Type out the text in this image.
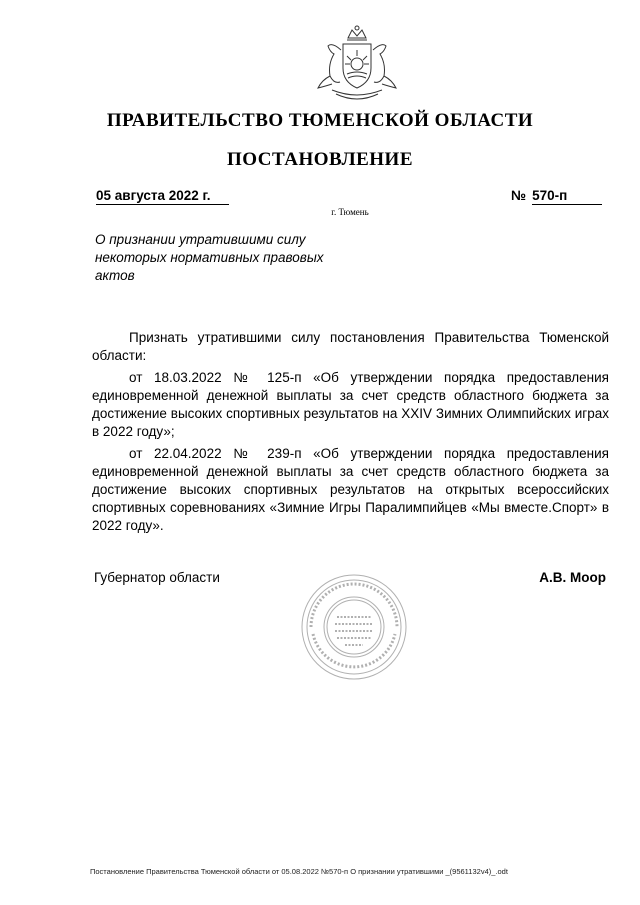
ПРАВИТЕЛЬСТВО ТЮМЕНСКОЙ ОБЛАСТИ
ПОСТАНОВЛЕНИЕ
05 августа 2022 г.	№ 570-п
г. Тюмень
О признании утратившими силу некоторых нормативных правовых актов

Признать утратившими силу постановления Правительства Тюменской области:

от 18.03.2022 № 125-п «Об утверждении порядка предоставления единовременной денежной выплаты за счет средств областного бюджета за достижение высоких спортивных результатов на XXIV Зимних Олимпийских играх в 2022 году»;

от 22.04.2022 № 239-п «Об утверждении порядка предоставления единовременной денежной выплаты за счет средств областного бюджета за достижение высоких спортивных результатов на открытых всероссийских спортивных соревнованиях «Зимние Игры Паралимпийцев «Мы вместе.Спорт» в 2022 году».

Губернатор области	А.В. Моор
Постановление Правительства Тюменской области от 05.08.2022 №570-п О признании утратившими _(9561132v4)_.odt
